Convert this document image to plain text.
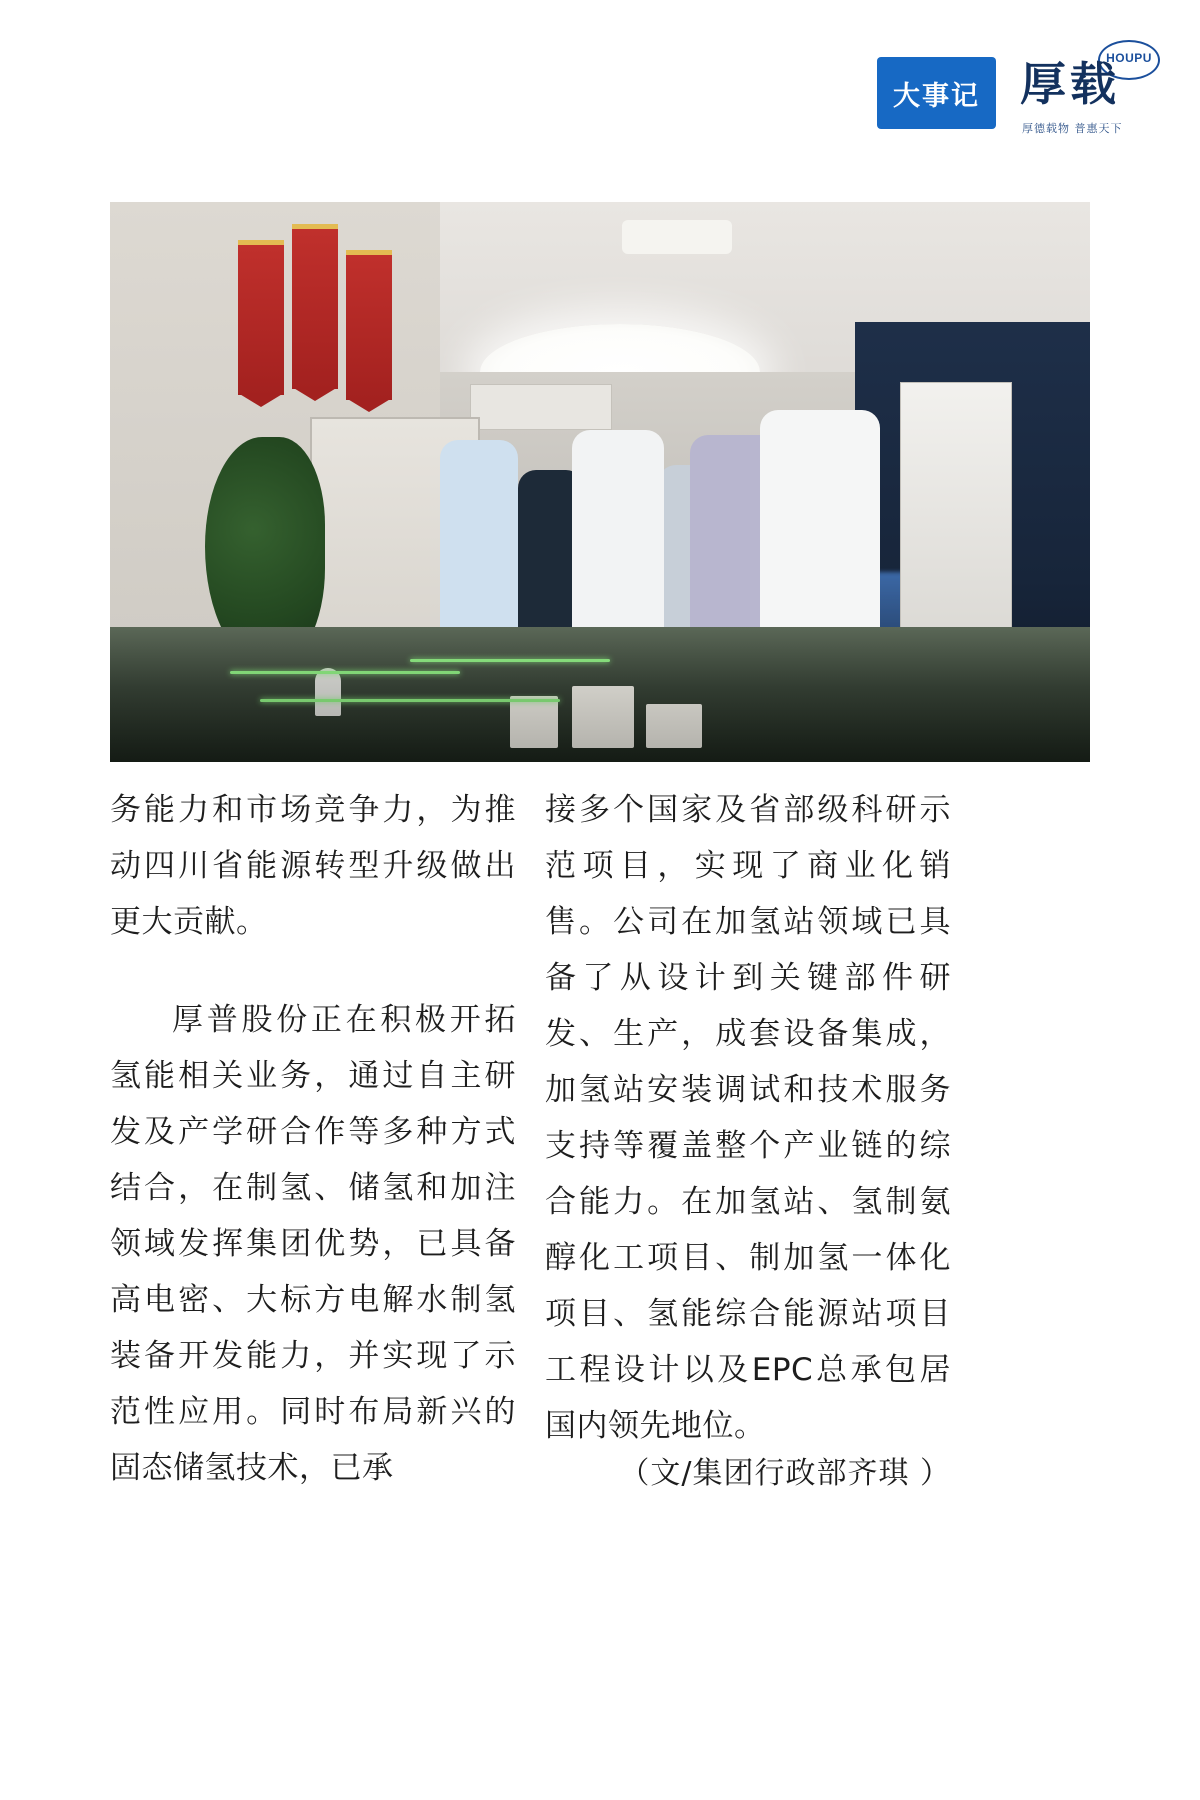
大事记
HOUPU
厚载
厚德载物 普惠天下

务能力和市场竞争力，为推动四川省能源转型升级做出更大贡献。

厚普股份正在积极开拓氢能相关业务，通过自主研发及产学研合作等多种方式结合，在制氢、储氢和加注领域发挥集团优势，已具备高电密、大标方电解水制氢装备开发能力，并实现了示范性应用。同时布局新兴的固态储氢技术，已承

接多个国家及省部级科研示范项目，实现了商业化销售。公司在加氢站领域已具备了从设计到关键部件研发、生产，成套设备集成，加氢站安装调试和技术服务支持等覆盖整个产业链的综合能力。在加氢站、氢制氨醇化工项目、制加氢一体化项目、氢能综合能源站项目工程设计以及EPC总承包居国内领先地位。

（文/集团行政部齐琪 ）
